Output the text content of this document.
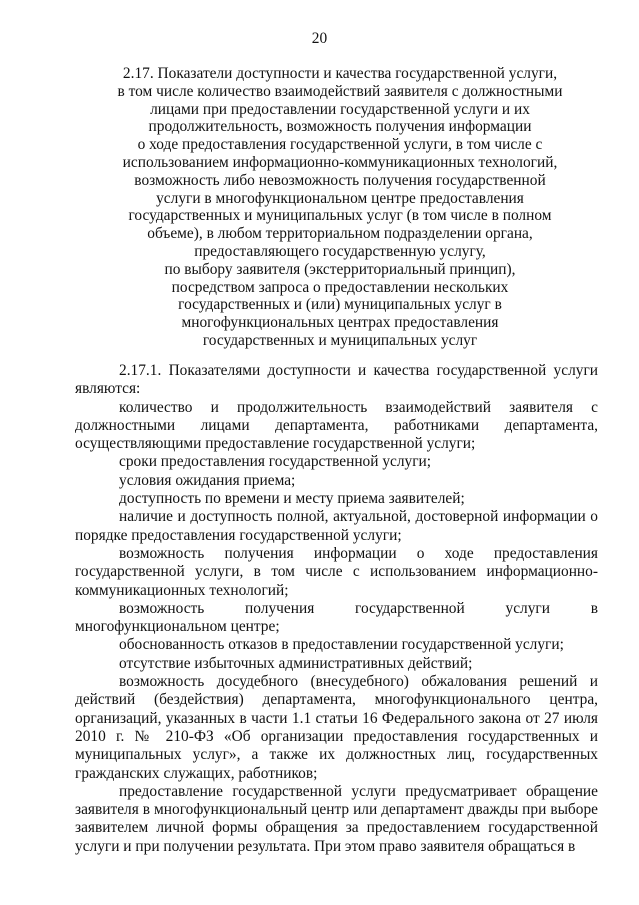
20
2.17. Показатели доступности и качества государственной услуги,
в том числе количество взаимодействий заявителя с должностными
лицами при предоставлении государственной услуги и их
продолжительность, возможность получения информации
о ходе предоставления государственной услуги, в том числе с
использованием информационно-коммуникационных технологий,
возможность либо невозможность получения государственной
услуги в многофункциональном центре предоставления
государственных и муниципальных услуг (в том числе в полном
объеме), в любом территориальном подразделении органа,
предоставляющего государственную услугу,
по выбору заявителя (экстерриториальный принцип),
посредством запроса о предоставлении нескольких
государственных и (или) муниципальных услуг в
многофункциональных центрах предоставления
государственных и муниципальных услуг

2.17.1. Показателями доступности и качества государственной услуги являются:

количество и продолжительность взаимодействий заявителя с должностными лицами департамента, работниками департамента, осуществляющими предоставление государственной услуги;

сроки предоставления государственной услуги;

условия ожидания приема;

доступность по времени и месту приема заявителей;

наличие и доступность полной, актуальной, достоверной информации о порядке предоставления государственной услуги;

возможность получения информации о ходе предоставления государственной услуги, в том числе с использованием информационно-коммуникационных технологий;

возможность получения государственной услуги в многофункциональном центре;

обоснованность отказов в предоставлении государственной услуги;

отсутствие избыточных административных действий;

возможность досудебного (внесудебного) обжалования решений и действий (бездействия) департамента, многофункционального центра, организаций, указанных в части 1.1 статьи 16 Федерального закона от 27 июля 2010 г. № 210-ФЗ «Об организации предоставления государственных и муниципальных услуг», а также их должностных лиц, государственных гражданских служащих, работников;

предоставление государственной услуги предусматривает обращение заявителя в многофункциональный центр или департамент дважды при выборе заявителем личной формы обращения за предоставлением государственной услуги и при получении результата. При этом право заявителя обращаться в
